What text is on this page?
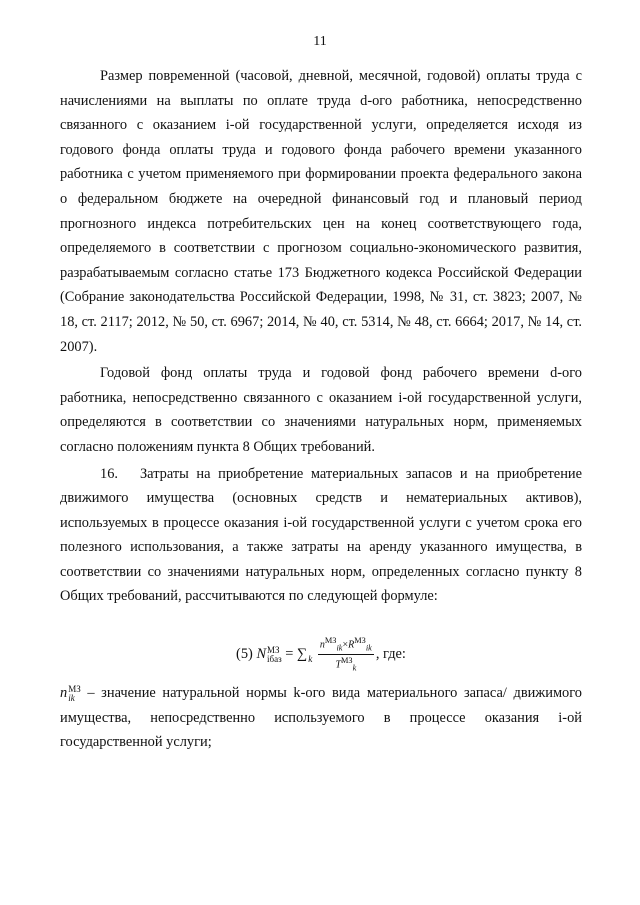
11

Размер повременной (часовой, дневной, месячной, годовой) оплаты труда с начислениями на выплаты по оплате труда d-ого работника, непосредственно связанного с оказанием i-ой государственной услуги, определяется исходя из годового фонда оплаты труда и годового фонда рабочего времени указанного работника с учетом применяемого при формировании проекта федерального закона о федеральном бюджете на очередной финансовый год и плановый период прогнозного индекса потребительских цен на конец соответствующего года, определяемого в соответствии с прогнозом социально-экономического развития, разрабатываемым согласно статье 173 Бюджетного кодекса Российской Федерации (Собрание законодательства Российской Федерации, 1998, № 31, ст. 3823; 2007, № 18, ст. 2117; 2012, № 50, ст. 6967; 2014, № 40, ст. 5314, № 48, ст. 6664; 2017, № 14, ст. 2007).

Годовой фонд оплаты труда и годовой фонд рабочего времени d-ого работника, непосредственно связанного с оказанием i-ой государственной услуги, определяются в соответствии со значениями натуральных норм, применяемых согласно положениям пункта 8 Общих требований.

16.  Затраты на приобретение материальных запасов и на приобретение движимого имущества (основных средств и нематериальных активов), используемых в процессе оказания i-ой государственной услуги с учетом срока его полезного использования, а также затраты на аренду указанного имущества, в соответствии со значениями натуральных норм, определенных согласно пункту 8 Общих требований, рассчитываются по следующей формуле:

(5) N МЗ
iбаз = ∑
k
$\frac{n^{МЗ}_{ik}\times R^{МЗ}_{ik}}{T^{МЗ}_k}$ , где:

n МЗ
ik – значение натуральной нормы k-ого вида материального запаса/ движимого имущества, непосредственно используемого в процессе оказания i-ой государственной услуги;
